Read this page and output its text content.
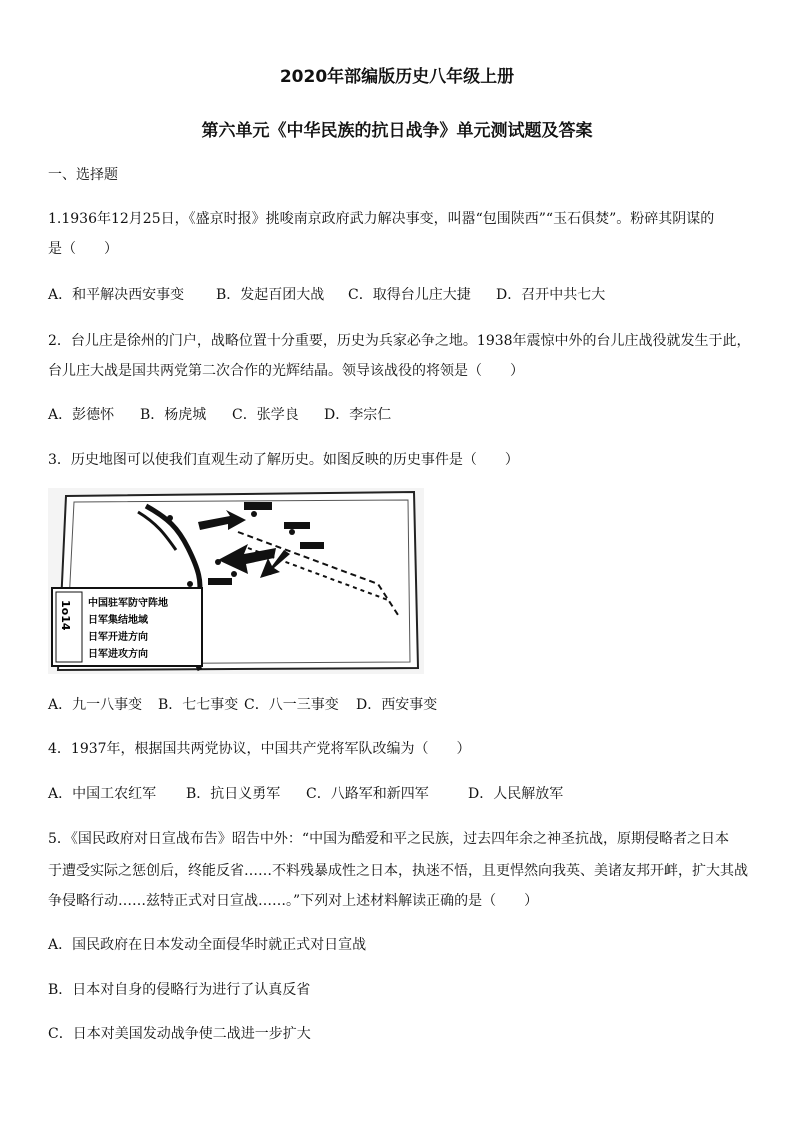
2020年部编版历史八年级上册
第六单元《中华民族的抗日战争》单元测试题及答案
一、选择题
1.1936年12月25日，《盛京时报》挑唆南京政府武力解决事变，叫嚣“包围陕西”“玉石俱焚”。粉碎其阴谋的
是（　　）
A．和平解决西安事变 B．发起百团大战 C．取得台儿庄大捷 D．召开中共七大
2．台儿庄是徐州的门户，战略位置十分重要，历史为兵家必争之地。1938年震惊中外的台儿庄战役就发生于此，
台儿庄大战是国共两党第二次合作的光辉结晶。领导该战役的将领是（　　）
A．彭德怀 B．杨虎城 C．张学良 D．李宗仁
3．历史地图可以使我们直观生动了解历史。如图反映的历史事件是（　　）
1o14 中国驻军防守阵地
日军集结地域
日军开进方向
日军进攻方向
A．九一八事变 B．七七事变 C．八一三事变 D．西安事变
4．1937年，根据国共两党协议，中国共产党将军队改编为（　　）
A．中国工农红军 B．抗日义勇军 C．八路军和新四军	D．人民解放军
5．《国民政府对日宣战布告》昭告中外：“中国为酷爱和平之民族，过去四年余之神圣抗战，原期侵略者之日本
于遭受实际之惩创后，终能反省……不料残暴成性之日本，执迷不悟，且更悍然向我英、美诸友邦开衅，扩大其战
争侵略行动……兹特正式对日宣战……。”下列对上述材料解读正确的是（　　）
A．国民政府在日本发动全面侵华时就正式对日宣战
B．日本对自身的侵略行为进行了认真反省
C．日本对美国发动战争使二战进一步扩大
